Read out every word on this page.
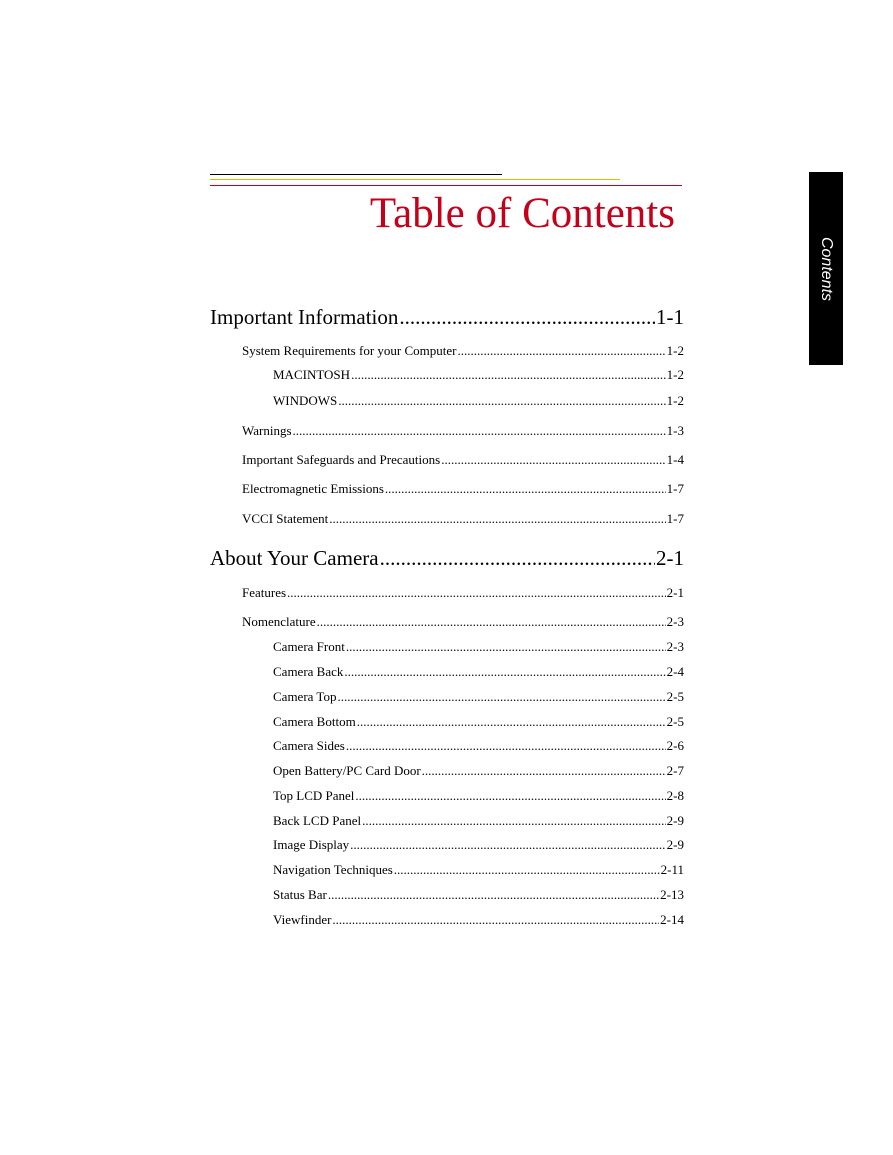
Table of Contents
Contents
Important Information .....	1-1
System Requirements for your Computer .....	1-2
MACINTOSH .....	1-2
WINDOWS .....	1-2
Warnings .....	1-3
Important Safeguards and Precautions .....	1-4
Electromagnetic Emissions .....	1-7
VCCI Statement .....	1-7
About Your Camera .....	2-1
Features .....	2-1
Nomenclature .....	2-3
Camera Front .....	2-3
Camera Back .....	2-4
Camera Top .....	2-5
Camera Bottom .....	2-5
Camera Sides .....	2-6
Open Battery/PC Card Door .....	2-7
Top LCD Panel .....	2-8
Back LCD Panel .....	2-9
Image Display .....	2-9
Navigation Techniques .....	2-11
Status Bar .....	2-13
Viewfinder .....	2-14
